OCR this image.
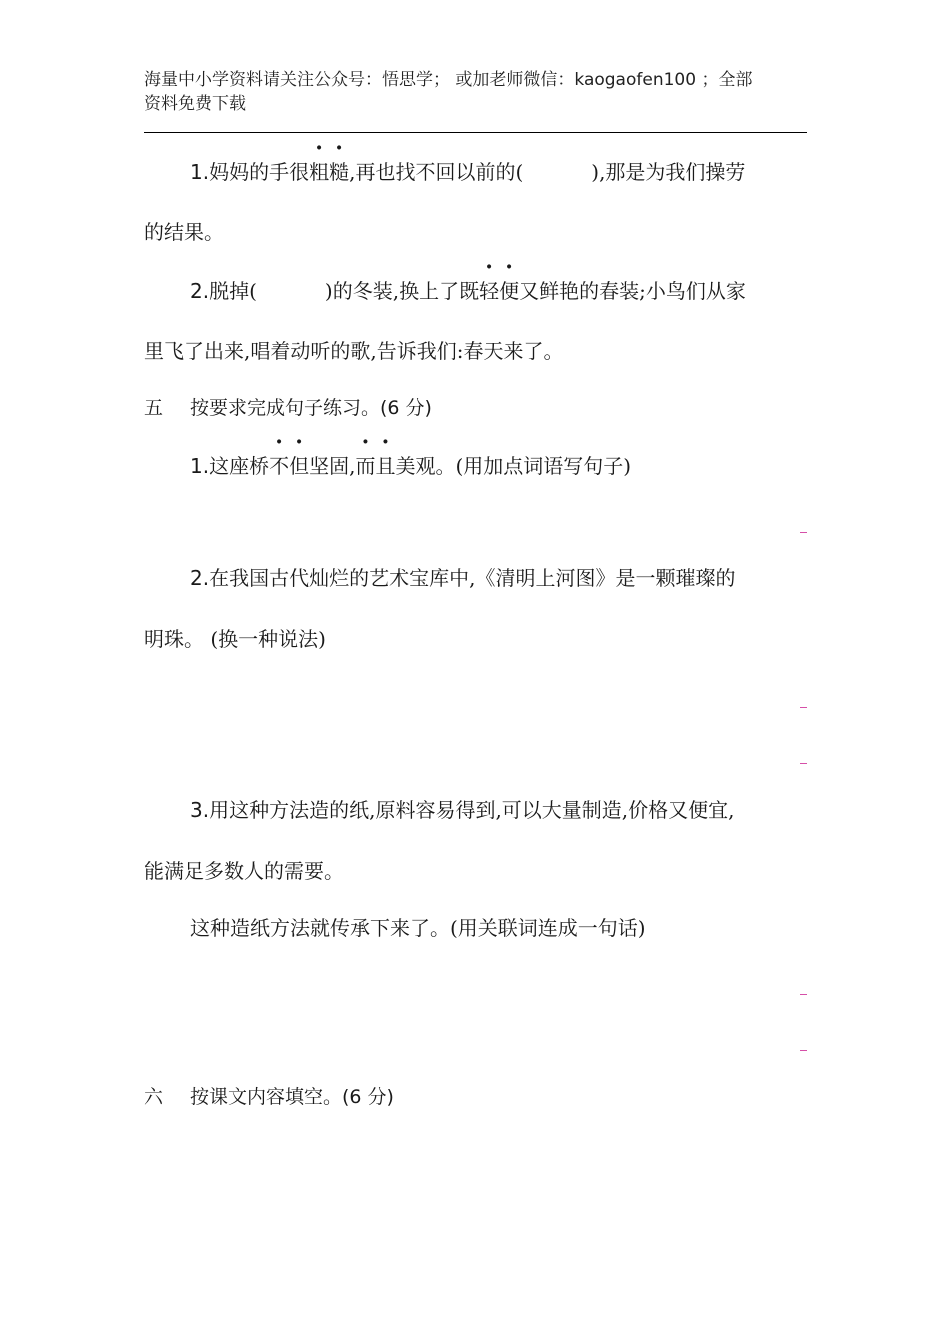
海量中小学资料请关注公众号：悟思学； 或加老师微信：kaogaofen100 ；全部
资料免费下载
1.妈妈的手很粗糙,再也找不回以前的(	),那是为我们操劳
的结果。
2.脱掉(	)的冬装,换上了既轻便又鲜艳的春装;小鸟们从家
里飞了出来,唱着动听的歌,告诉我们:春天来了。
五 按要求完成句子练习。(6 分)
1.这座桥不但坚固,而且美观。(用加点词语写句子)
2.在我国古代灿烂的艺术宝库中,《清明上河图》是一颗璀璨的
明珠。 (换一种说法)
3.用这种方法造的纸,原料容易得到,可以大量制造,价格又便宜,
能满足多数人的需要。
这种造纸方法就传承下来了。(用关联词连成一句话)
六 按课文内容填空。(6 分)
